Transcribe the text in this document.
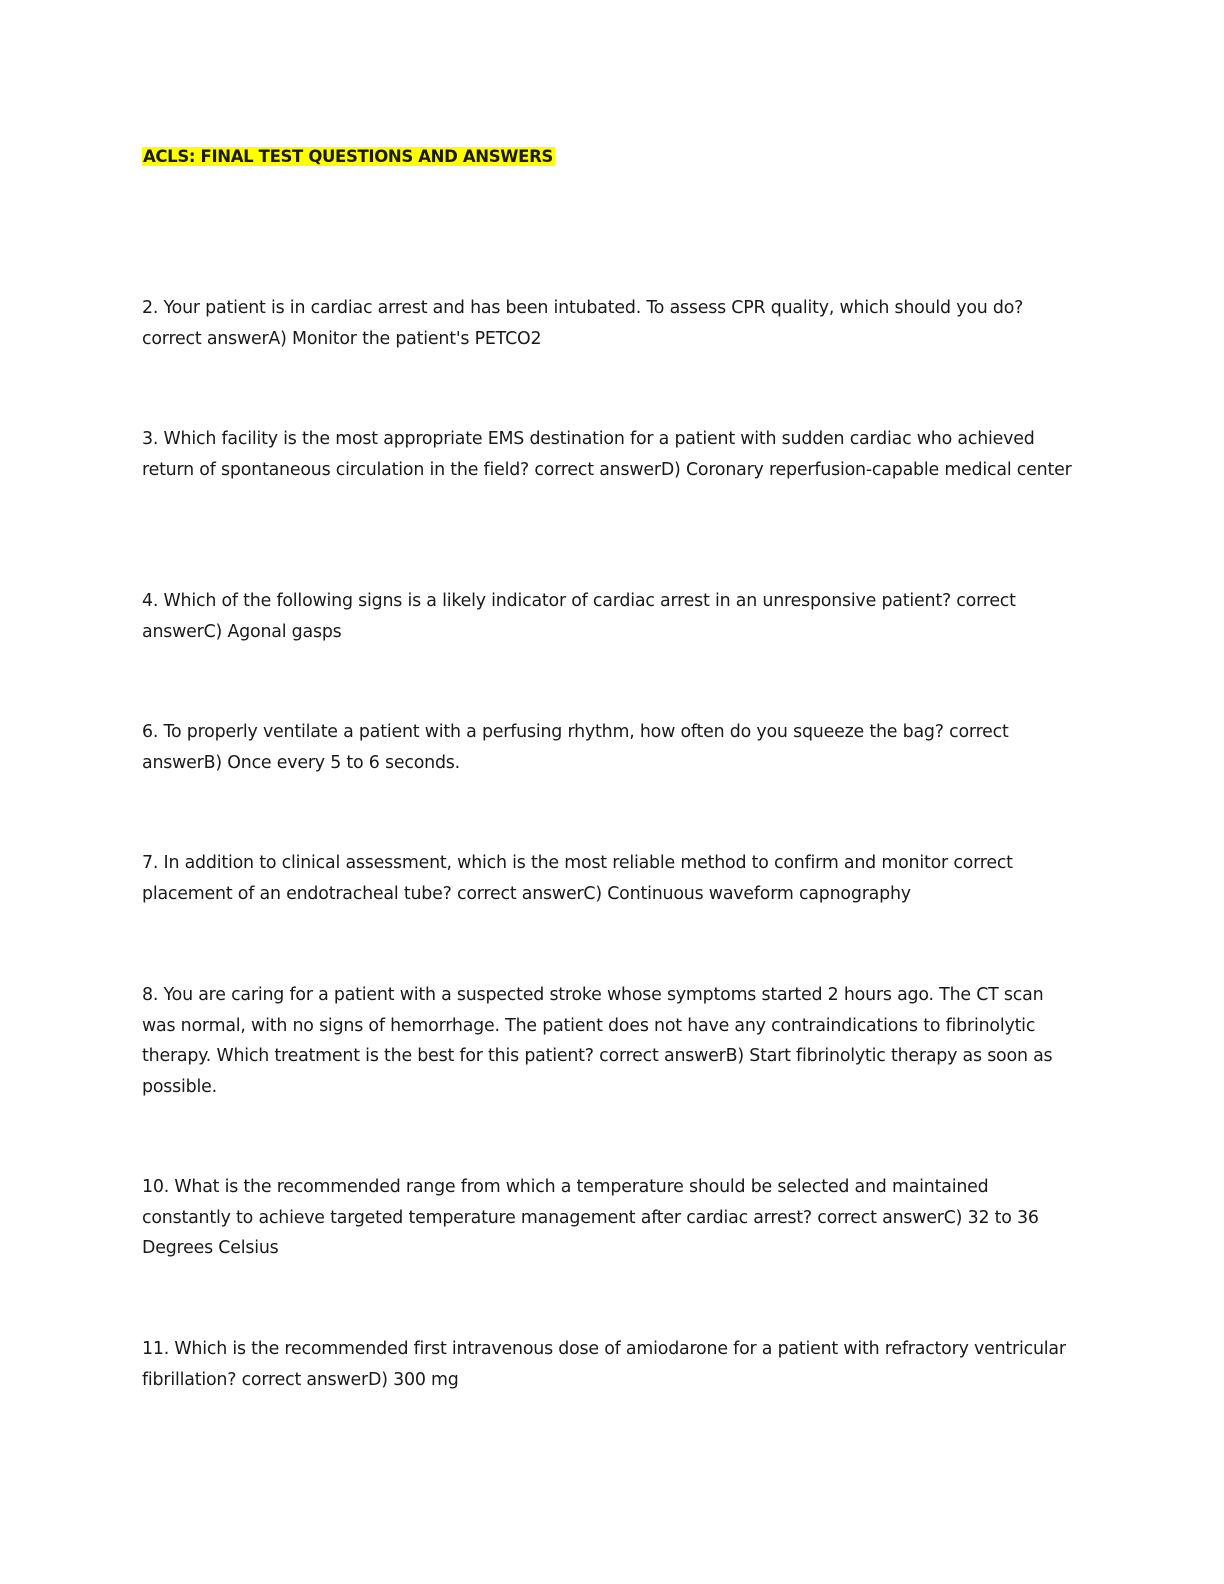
ACLS: FINAL TEST QUESTIONS AND ANSWERS

2. Your patient is in cardiac arrest and has been intubated. To assess CPR quality, which should you do? correct answerA) Monitor the patient's PETCO2

3. Which facility is the most appropriate EMS destination for a patient with sudden cardiac who achieved return of spontaneous circulation in the field? correct answerD) Coronary reperfusion-capable medical center

4. Which of the following signs is a likely indicator of cardiac arrest in an unresponsive patient? correct answerC) Agonal gasps

6. To properly ventilate a patient with a perfusing rhythm, how often do you squeeze the bag? correct answerB) Once every 5 to 6 seconds.

7. In addition to clinical assessment, which is the most reliable method to confirm and monitor correct placement of an endotracheal tube? correct answerC) Continuous waveform capnography

8. You are caring for a patient with a suspected stroke whose symptoms started 2 hours ago. The CT scan was normal, with no signs of hemorrhage. The patient does not have any contraindications to fibrinolytic therapy. Which treatment is the best for this patient? correct answerB) Start fibrinolytic therapy as soon as possible.

10. What is the recommended range from which a temperature should be selected and maintained constantly to achieve targeted temperature management after cardiac arrest? correct answerC) 32 to 36 Degrees Celsius

11. Which is the recommended first intravenous dose of amiodarone for a patient with refractory ventricular fibrillation? correct answerD) 300 mg
